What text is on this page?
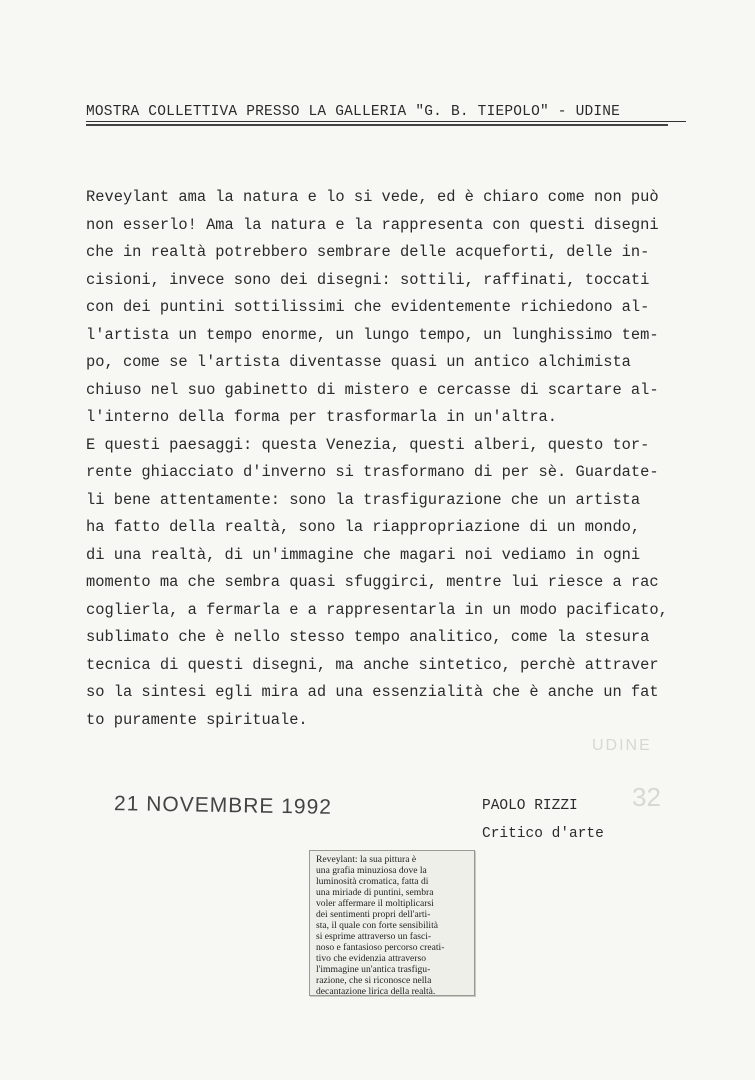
MOSTRA COLLETTIVA PRESSO LA GALLERIA "G. B. TIEPOLO" - UDINE
Reveylant ama la natura e lo si vede, ed è chiaro come non può
non esserlo! Ama la natura e la rappresenta con questi disegni
che in realtà potrebbero sembrare delle acqueforti, delle in-
cisioni, invece sono dei disegni: sottili, raffinati, toccati
con dei puntini sottilissimi che evidentemente richiedono al-
l'artista un tempo enorme, un lungo tempo, un lunghissimo tem-
po, come se l'artista diventasse quasi un antico alchimista
chiuso nel suo gabinetto di mistero e cercasse di scartare al-
l'interno della forma per trasformarla in un'altra.
E questi paesaggi: questa Venezia, questi alberi, questo tor-
rente ghiacciato d'inverno si trasformano di per sè. Guardate-
li bene attentamente: sono la trasfigurazione che un artista
ha fatto della realtà, sono la riappropriazione di un mondo,
di una realtà, di un'immagine che magari noi vediamo in ogni
momento ma che sembra quasi sfuggirci, mentre lui riesce a rac
coglierla, a fermarla e a rappresentarla in un modo pacificato,
sublimato che è nello stesso tempo analitico, come la stesura
tecnica di questi disegni, ma anche sintetico, perchè attraver
so la sintesi egli mira ad una essenzialità che è anche un fat
to puramente spirituale.
UDINE
32
21 NOVEMBRE 1992	PAOLO RIZZI
Critico d'arte
Reveylant: la sua pittura è
una grafia minuziosa dove la
luminosità cromatica, fatta di
una miriade di puntini, sembra
voler affermare il moltiplicarsi
dei sentimenti propri dell'arti-
sta, il quale con forte sensibilità
si esprime attraverso un fasci-
noso e fantasioso percorso creati-
tivo che evidenzia attraverso
l'immagine un'antica trasfigu-
razione, che si riconosce nella
decantazione lirica della realtà.
